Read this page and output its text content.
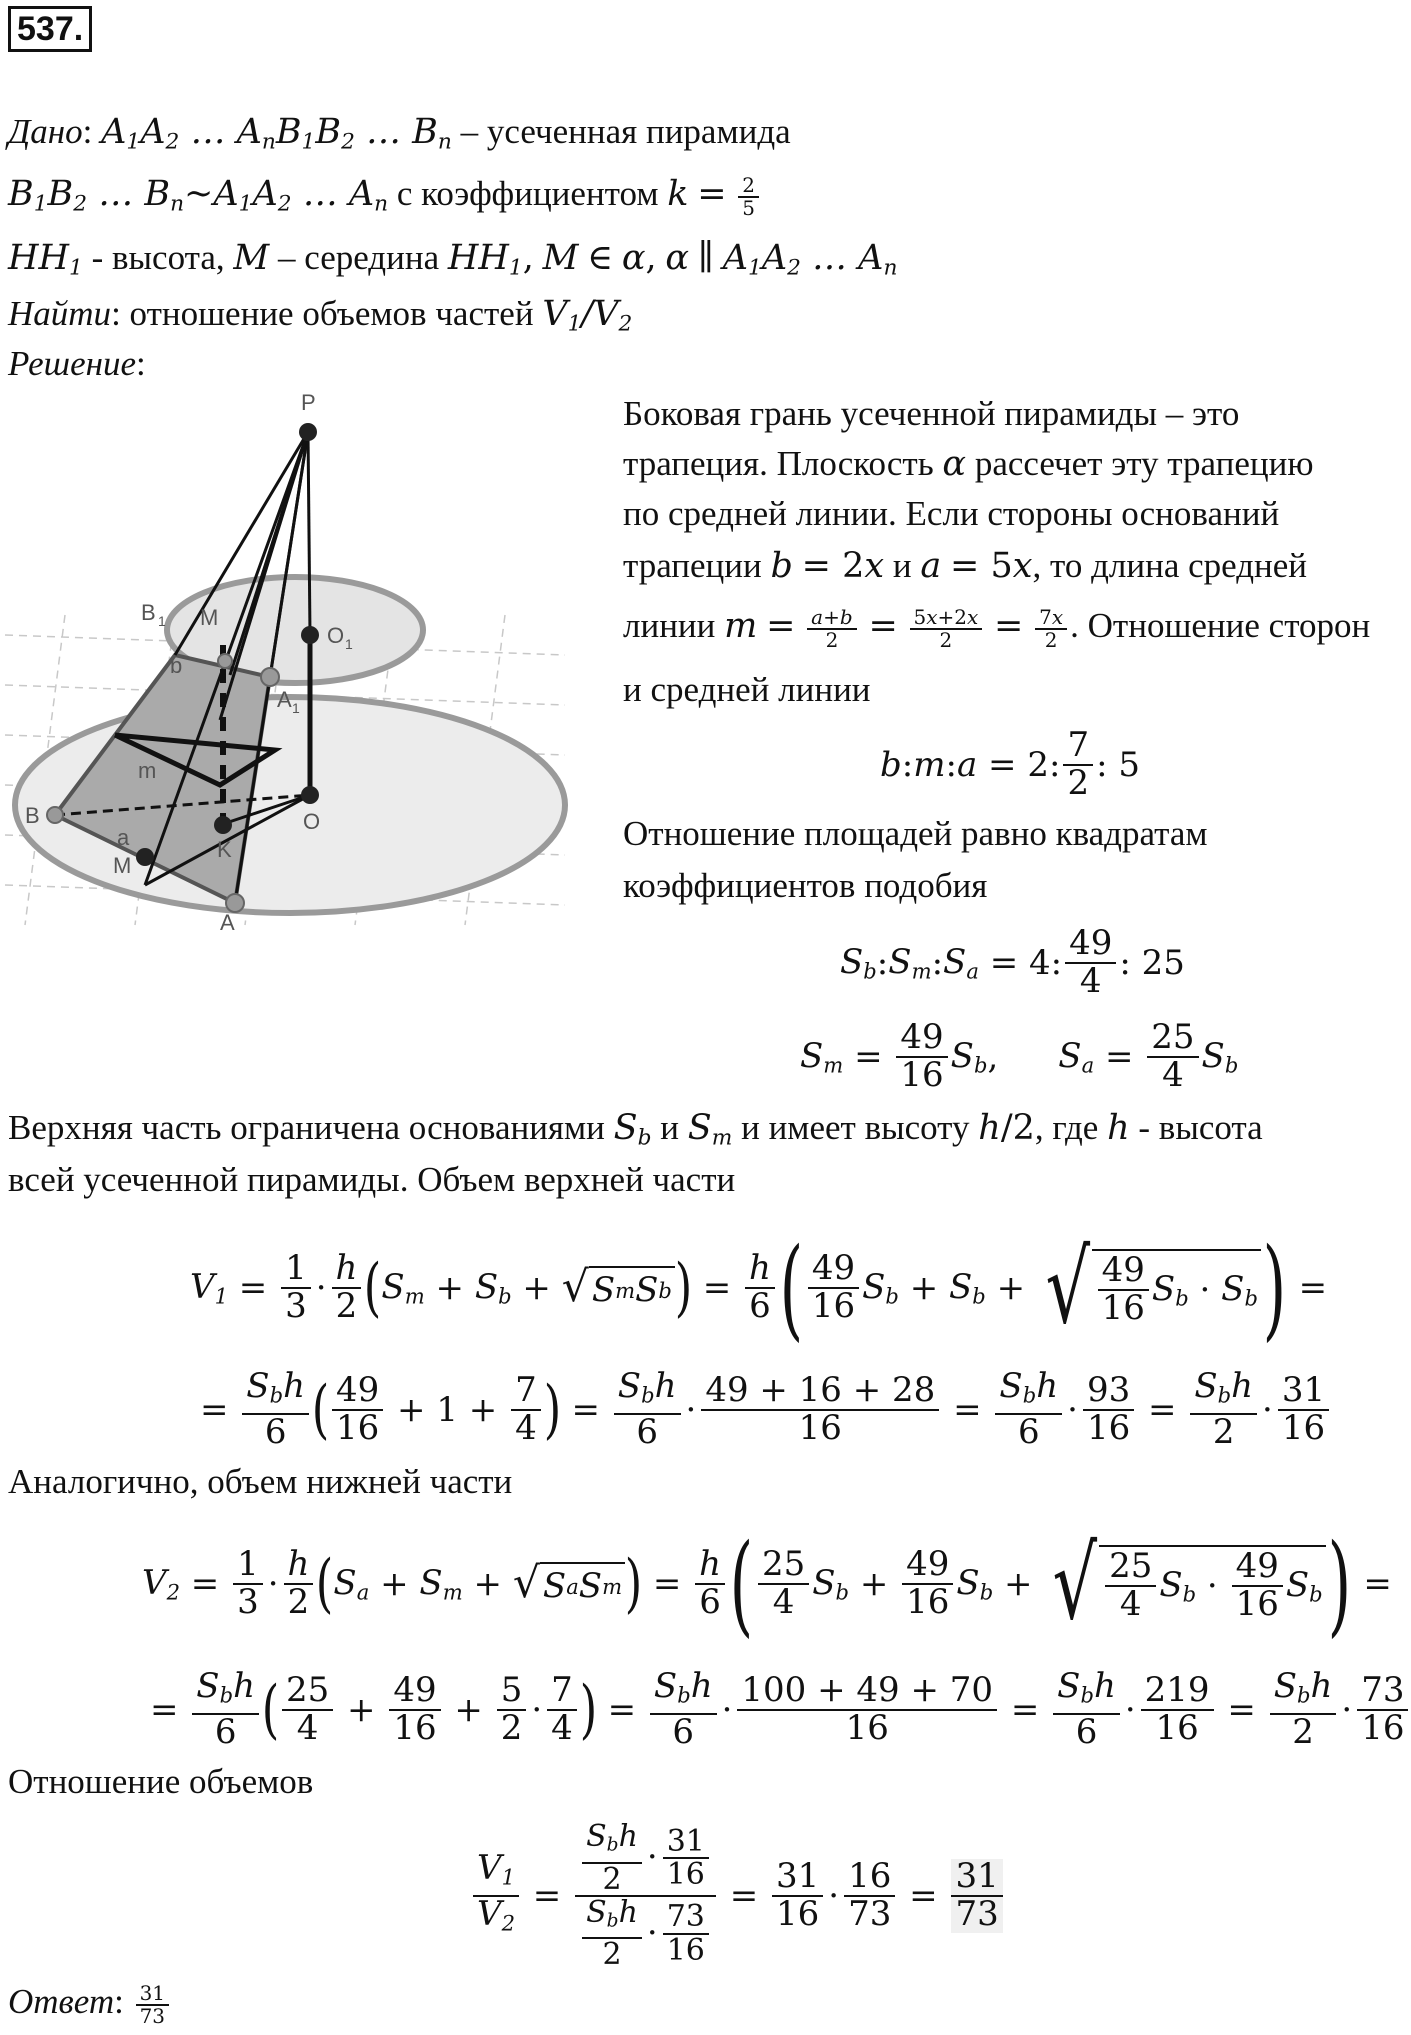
537.
Дано: $A_1A_2$ … $A_nB_1B_2$ … $B_n$ – усеченная пирамида
$B_1B_2$ … $B_n\sim A_1A_2$ … $A_n$ с коэффициентом $k = \frac{2}{5}$
$HH_1$ - высота, M – середина $HH_1$, M ∈ α, α ∥ $A_1A_2$ … $A_n$
Найти: отношение объемов частей $V_1/V_2$
Решение:
P
B 1 M
O 1
b
A 1
m
B
a	K
O
M
A
Боковая грань усеченной пирамиды – это
трапеция. Плоскость α рассечет эту трапецию
по средней линии. Если стороны оснований
трапеции b = 2x и a = 5x, то длина средней
линии $m = \frac{a+b}{2} = \frac{5x+2x}{2} = \frac{7x}{2}$ . Отношение сторон
и средней линии
b : m : a = 2: $\frac{7}{2}$ : 5
Отношение площадей равно квадратам
коэффициентов подобия
$S_b$ : $S_m$ : $S_a = 4$: $\frac{49}{4}$ : 25
$S_m = \frac{49}{16} S_b$ , $S_a = \frac{25}{4} S_b$
Верхняя часть ограничена основаниями $S_b$ и $S_m$ и имеет высоту h/2, где h - высота
всей усеченной пирамиды. Объем верхней части
$V_1 = \frac{1}{3} \cdot \frac{h}{2}$ ( $S_m + S_b$ + √ S m S b ) = $\frac{h}{6}$ ( $\frac{49}{16} S_b + S_b$ + √ $\frac{49}{16} S_b \cdot S_b$ ) =
= $\frac{S_bh}{6}$ ( $\frac{49}{16} + 1 + \frac{7}{4}$ ) = $\frac{S_bh}{6} \cdot \frac{49 + 16 + 28}{16} = \frac{S_bh}{6} \cdot \frac{93}{16} = \frac{S_bh}{2} \cdot \frac{31}{16}$
Аналогично, объем нижней части
$V_2 = \frac{1}{3} \cdot \frac{h}{2}$ ( $S_a + S_m$ + √ S a S m ) = $\frac{h}{6}$ ( $\frac{25}{4} S_b + \frac{49}{16} S_b$ + √ $\frac{25}{4} S_b \cdot \frac{49}{16} S_b$ ) =
= $\frac{S_bh}{6}$ ( $\frac{25}{4} + \frac{49}{16} + \frac{5}{2} \cdot \frac{7}{4}$ ) = $\frac{S_bh}{6} \cdot \frac{100 + 49 + 70}{16} = \frac{S_bh}{6} \cdot \frac{219}{16} = \frac{S_bh}{2} \cdot \frac{73}{16}$
Отношение объемов
$\frac{V_1}{V_2} = \frac{\frac{S_bh}{2} \cdot \frac{31}{16}}{\frac{S_bh}{2} \cdot \frac{73}{16}} = \frac{31}{16} \cdot \frac{16}{73} = \frac{31}{73}$
Ответ: $\frac{31}{73}$
